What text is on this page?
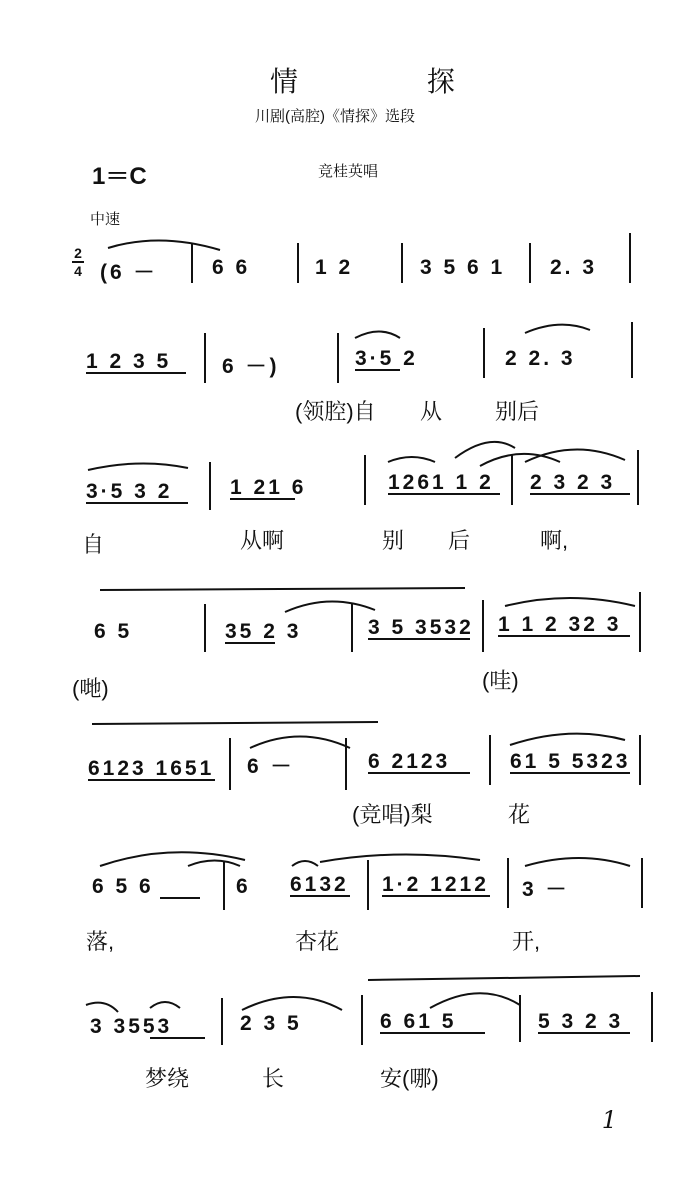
情 探
川剧(高腔)《情探》选段
1＝C	竞桂英唱
中速
2
4 (6 －	6 6	1 2	3 5 6 1 2. 3
1 2 3 5 6 －)	3·5 2	2 2. 3
(领腔)自 从 别后
3·5 3 2	1 21 6	1261 1 2 2 3 2 3
自	从啊	别 后	啊,
6 5	35 2 3	3 5 3532 1 1 2 32 3
(哋)	(哇)
6123 1651 6 －	6 2123	61 5 5323
(竞唱)梨	花
6 5 6	6 6132 1·2 1212 3 －
落,	杏花	开,
3 3553	2 3 5	6 61 5	5 3 2 3
梦绕	长	安(哪)
1
